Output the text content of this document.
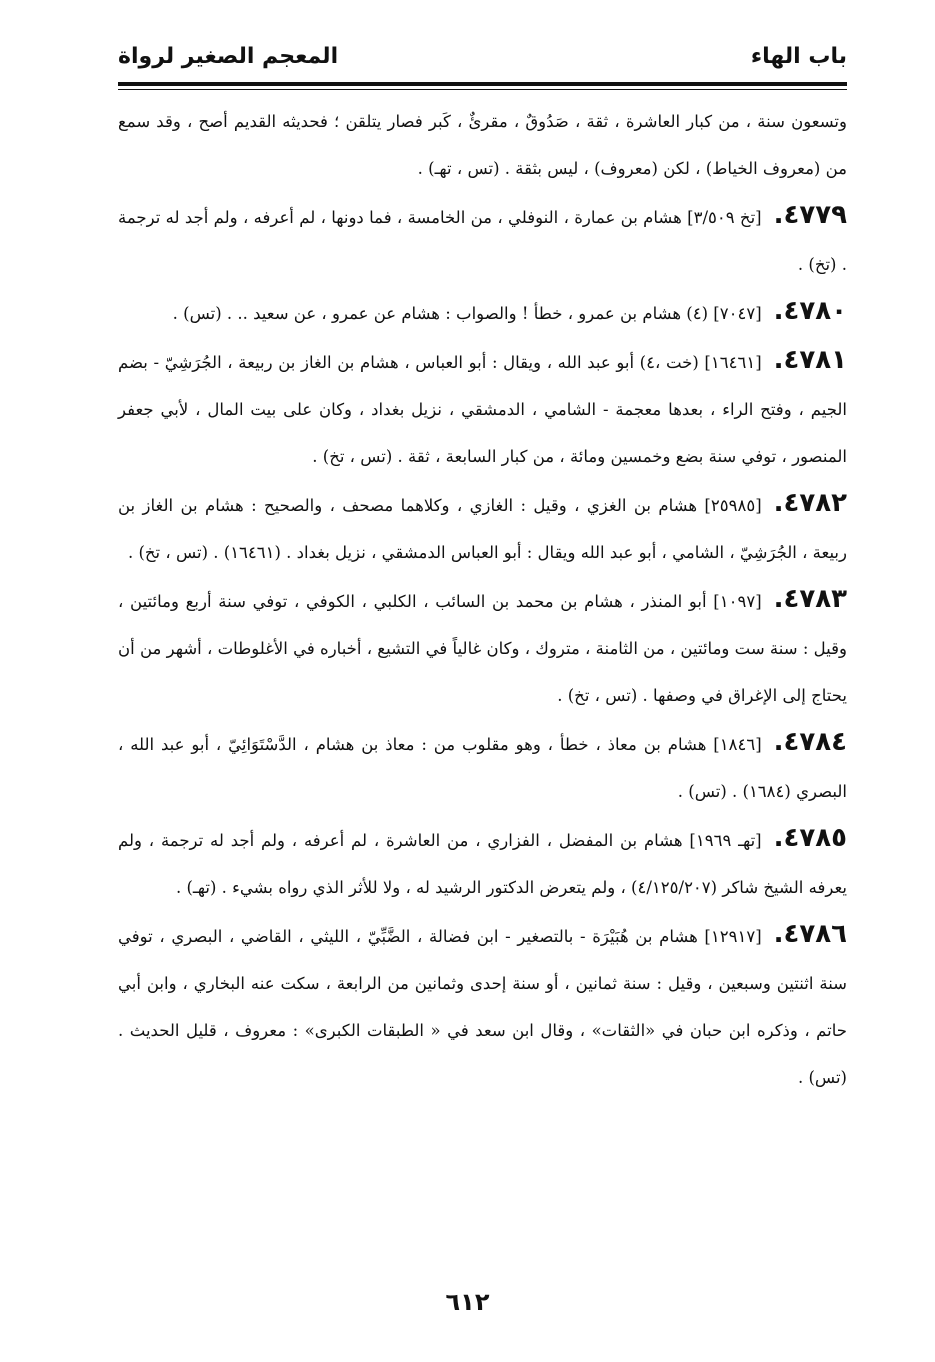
باب الهاء
المعجم الصغير لرواة

وتسعون سنة ، من كبار العاشرة ، ثقة ، صَدُوقٌ ، مقرئٌ ، كَبر فصار يتلقن ؛ فحديثه القديم أصح ، وقد سمع من (معروف الخياط) ، لكن (معروف) ، ليس بثقة . (تس ، تهـ) .

٤٧٧٩.[تخ ٣/٥٠٩] هشام بن عمارة ، النوفلي ، من الخامسة ، فما دونها ، لم أعرفه ، ولم أجد له ترجمة . (تخ) .

٤٧٨٠.[٧٠٤٧] (٤) هشام بن عمرو ، خطأ ! والصواب : هشام عن عمرو ، عن سعيد .. . (تس) .

٤٧٨١.[١٦٤٦١] (خت ،٤) أبو عبد الله ، ويقال : أبو العباس ، هشام بن الغاز بن ربيعة ، الجُرَشِيّ - بضم الجيم ، وفتح الراء ، بعدها معجمة - الشامي ، الدمشقي ، نزيل بغداد ، وكان على بيت المال ، لأبي جعفر المنصور ، توفي سنة بضع وخمسين ومائة ، من كبار السابعة ، ثقة . (تس ، تخ) .

٤٧٨٢.[٢٥٩٨٥] هشام بن الغزي ، وقيل : الغازي ، وكلاهما مصحف ، والصحيح : هشام بن الغاز بن ربيعة ، الجُرَشِيّ ، الشامي ، أبو عبد الله ويقال : أبو العباس الدمشقي ، نزيل بغداد . (١٦٤٦١) . (تس ، تخ) .

٤٧٨٣.[١٠٩٧] أبو المنذر ، هشام بن محمد بن السائب ، الكلبي ، الكوفي ، توفي سنة أربع ومائتين ، وقيل : سنة ست ومائتين ، من الثامنة ، متروك ، وكان غالياً في التشيع ، أخباره في الأغلوطات ، أشهر من أن يحتاج إلى الإغراق في وصفها . (تس ، تخ) .

٤٧٨٤.[١٨٤٦] هشام بن معاذ ، خطأ ، وهو مقلوب من : معاذ بن هشام ، الدَّسْتَوَائِيّ ، أبو عبد الله ، البصري (١٦٨٤) . (تس) .

٤٧٨٥.[تهـ ١٩٦٩] هشام بن المفضل ، الفزاري ، من العاشرة ، لم أعرفه ، ولم أجد له ترجمة ، ولم يعرفه الشيخ شاكر (٤/١٢٥/٢٠٧) ، ولم يتعرض الدكتور الرشيد له ، ولا للأثر الذي رواه بشيء . (تهـ) .

٤٧٨٦.[١٢٩١٧] هشام بن هُبَيْرَة - بالتصغير - ابن فضالة ، الضَّبِّيّ ، الليثي ، القاضي ، البصري ، توفي سنة اثنتين وسبعين ، وقيل : سنة ثمانين ، أو سنة إحدى وثمانين من الرابعة ، سكت عنه البخاري ، وابن أبي حاتم ، وذكره ابن حبان في «الثقات» ، وقال ابن سعد في « الطبقات الكبرى» : معروف ، قليل الحديث . (تس) .

٦١٢
